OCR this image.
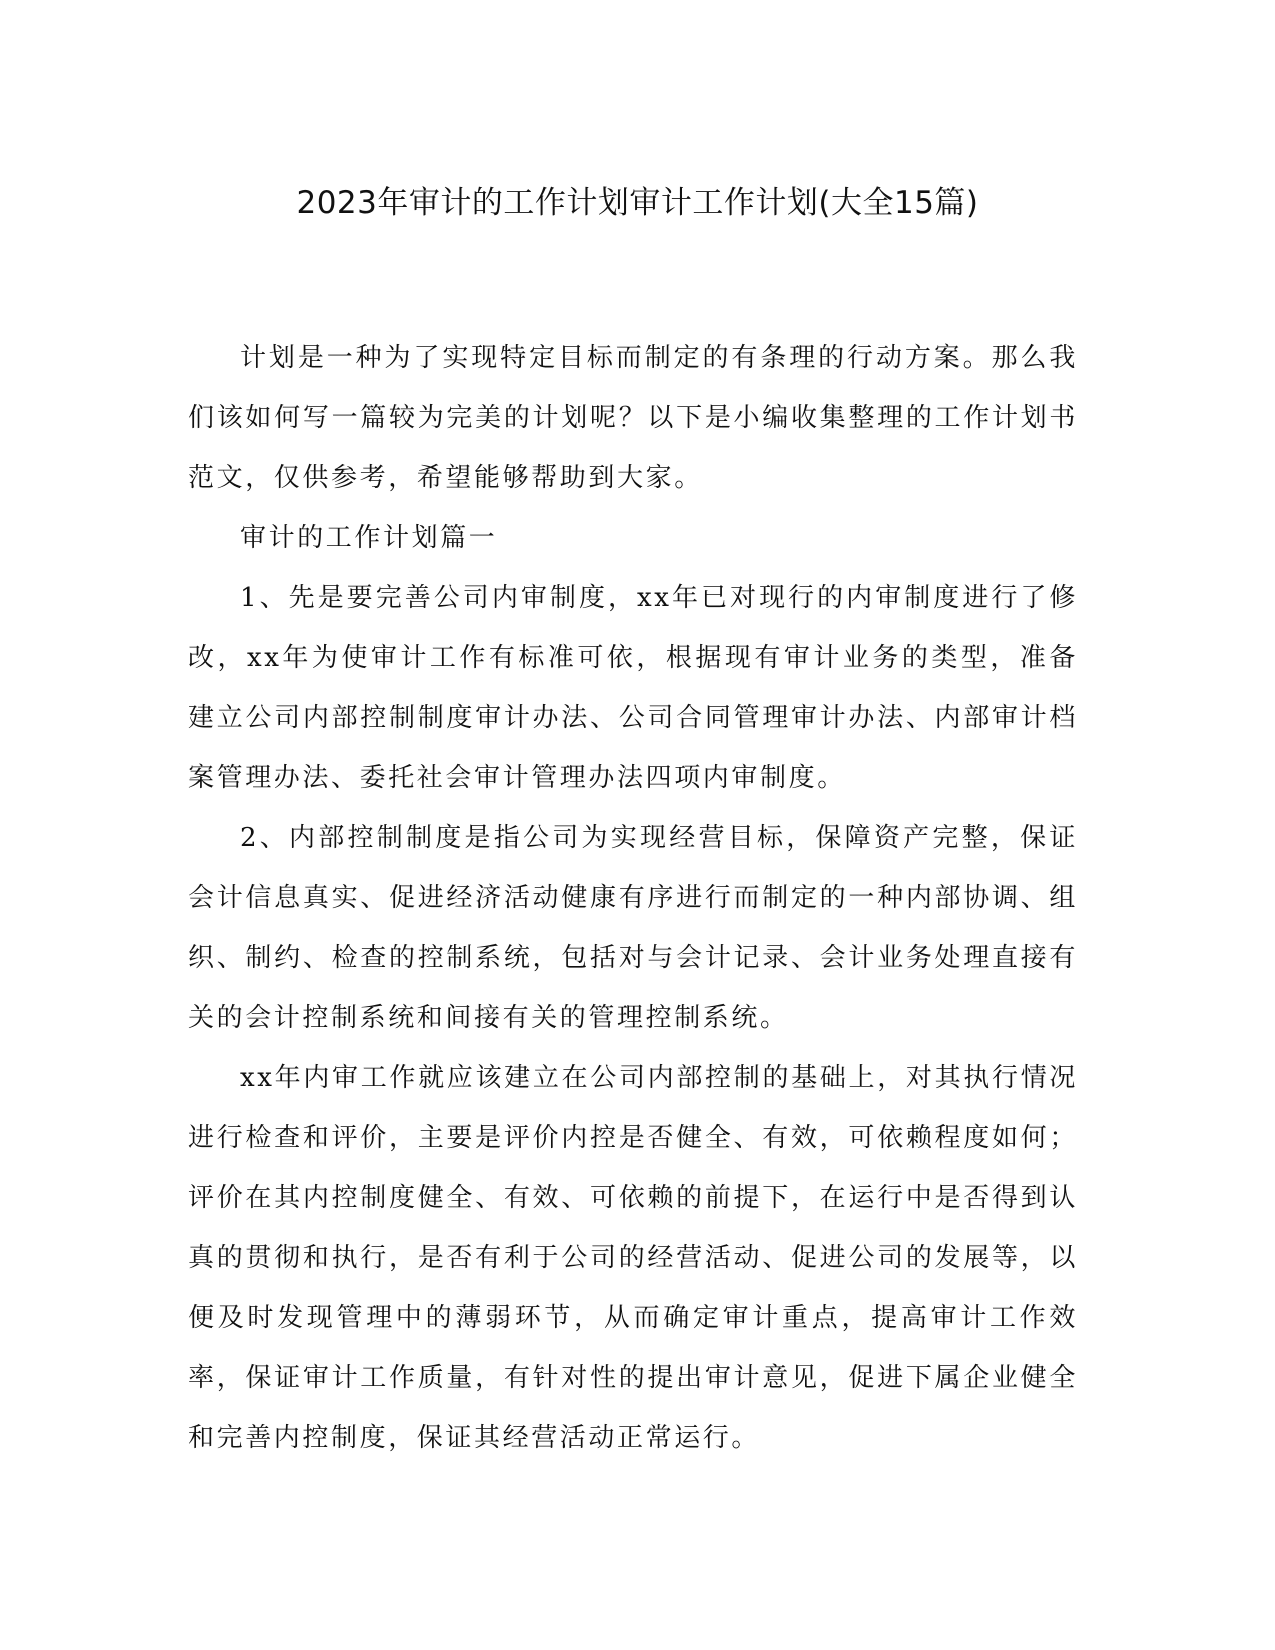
2023年审计的工作计划审计工作计划(大全15篇)

计划是一种为了实现特定目标而制定的有条理的行动方案。那么我们该如何写一篇较为完美的计划呢？以下是小编收集整理的工作计划书范文，仅供参考，希望能够帮助到大家。

审计的工作计划篇一

1、先是要完善公司内审制度，xx年已对现行的内审制度进行了修改，xx年为使审计工作有标准可依，根据现有审计业务的类型，准备建立公司内部控制制度审计办法、公司合同管理审计办法、内部审计档案管理办法、委托社会审计管理办法四项内审制度。

2、内部控制制度是指公司为实现经营目标，保障资产完整，保证会计信息真实、促进经济活动健康有序进行而制定的一种内部协调、组织、制约、检查的控制系统，包括对与会计记录、会计业务处理直接有关的会计控制系统和间接有关的管理控制系统。

xx年内审工作就应该建立在公司内部控制的基础上，对其执行情况进行检查和评价，主要是评价内控是否健全、有效，可依赖程度如何；评价在其内控制度健全、有效、可依赖的前提下，在运行中是否得到认真的贯彻和执行，是否有利于公司的经营活动、促进公司的发展等，以便及时发现管理中的薄弱环节，从而确定审计重点，提高审计工作效率，保证审计工作质量，有针对性的提出审计意见，促进下属企业健全和完善内控制度，保证其经营活动正常运行。
